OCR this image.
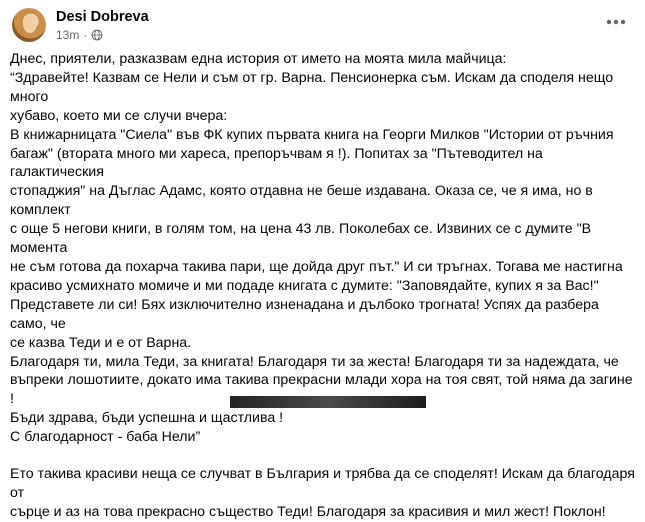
Desi Dobreva
13m ·

Днес, приятели, разказвам една история от името на моята мила майчица:

“Здравейте! Казвам се Нели и съм от гр. Варна. Пенсионерка съм. Искам да споделя нещо много

хубаво, което ми се случи вчера:

В книжарницата "Сиела" във ФК купих първата книга на Георги Милков "Истории от ръчния

багаж" (втората много ми хареса, препоръчвам я !). Попитах за "Пътеводител на галактическия

стопаджия" на Дъглас Адамс, която отдавна не беше издавана. Оказа се, че я има, но в комплект

с още 5 негови книги, в голям том, на цена 43 лв. Поколебах се. Извиних се с думите "В момента

не съм готова да похарча такива пари, ще дойда друг път." И си тръгнах. Тогава ме настигна

красиво усмихнато момиче и ми подаде книгата с думите: "Заповядайте, купих я за Вас!"

Представете ли си! Бях изключително изненадана и дълбоко трогната! Успях да разбера само, че

се казва Теди и е от Варна.

Благодаря ти, мила Теди, за книгата! Благодаря ти за жеста! Благодаря ти за надеждата, че

въпреки лошотиите, докато има такива прекрасни млади хора на тоя свят, той няма да загине !

Бъди здрава, бъди успешна и щастлива !

С благодарност - баба Нели”

Ето такива красиви неща се случват в България и трябва да се споделят! Искам да благодаря от

сърце и аз на това прекрасно същество Теди! Благодаря за красивия и мил жест! Поклон!
